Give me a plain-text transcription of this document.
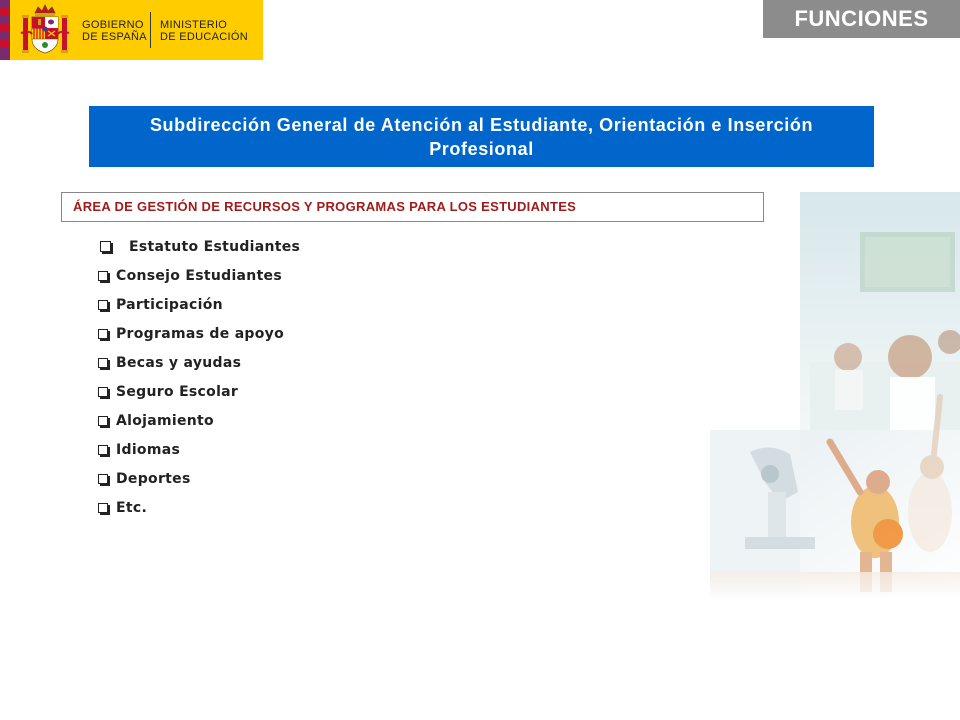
GOBIERNO
DE ESPAÑA
MINISTERIO
DE EDUCACIÓN
FUNCIONES
Subdirección General de Atención al Estudiante, Orientación e Inserción Profesional
ÁREA DE GESTIÓN DE RECURSOS Y PROGRAMAS PARA LOS ESTUDIANTES
Estatuto Estudiantes
Consejo Estudiantes
Participación
Programas de apoyo
Becas y ayudas
Seguro Escolar
Alojamiento
Idiomas
Deportes
Etc.
